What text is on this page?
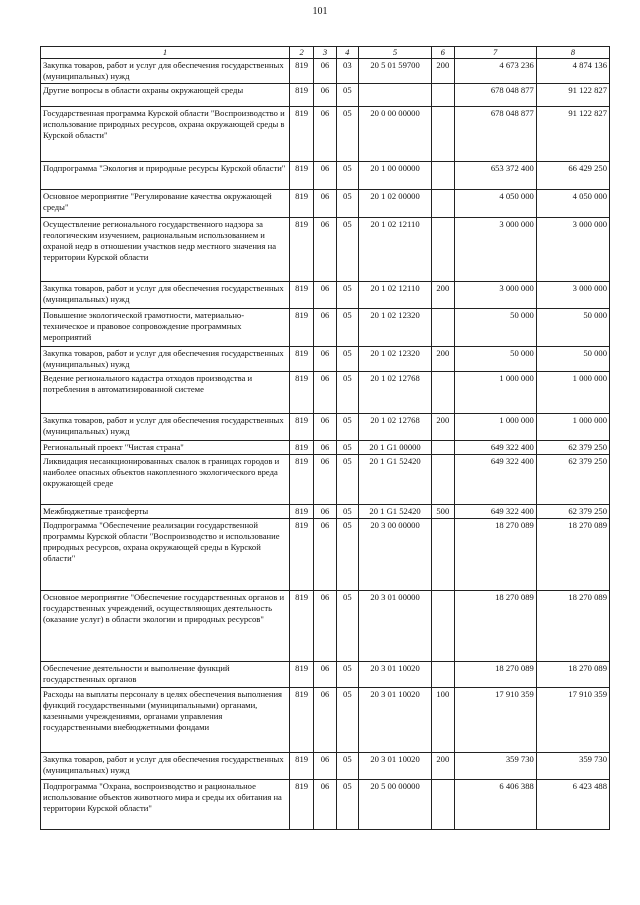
101
1	2	3	4	5	6	7	8
Закупка товаров, работ и услуг для обеспечения государственных (муниципальных) нужд	819	06	03	20 5 01 59700	200	4 673 236	4 874 136
Другие вопросы в области охраны окружающей среды	819	06	05			678 048 877	91 122 827
Государственная программа Курской области "Воспроизводство и использование природных ресурсов, охрана окружающей среды в Курской области"	819	06	05	20 0 00 00000		678 048 877	91 122 827
Подпрограмма "Экология и природные ресурсы Курской области"	819	06	05	20 1 00 00000		653 372 400	66 429 250
Основное мероприятие "Регулирование качества окружающей среды"	819	06	05	20 1 02 00000		4 050 000	4 050 000
Осуществление регионального государственного надзора за геологическим изучением, рациональным использованием и охраной недр в отношении участков недр местного значения на территории Курской области	819	06	05	20 1 02 12110		3 000 000	3 000 000
Закупка товаров, работ и услуг для обеспечения государственных (муниципальных) нужд	819	06	05	20 1 02 12110	200	3 000 000	3 000 000
Повышение экологической грамотности, материально-техническое и правовое сопровождение программных мероприятий	819	06	05	20 1 02 12320		50 000	50 000
Закупка товаров, работ и услуг для обеспечения государственных (муниципальных) нужд	819	06	05	20 1 02 12320	200	50 000	50 000
Ведение регионального кадастра отходов производства и потребления в автоматизированной системе	819	06	05	20 1 02 12768		1 000 000	1 000 000
Закупка товаров, работ и услуг для обеспечения государственных (муниципальных) нужд	819	06	05	20 1 02 12768	200	1 000 000	1 000 000
Региональный проект "Чистая страна"	819	06	05	20 1 G1 00000		649 322 400	62 379 250
Ликвидация несанкционированных свалок в границах городов и наиболее опасных объектов накопленного экологического вреда окружающей среде	819	06	05	20 1 G1 52420		649 322 400	62 379 250
Межбюджетные трансферты	819	06	05	20 1 G1 52420	500	649 322 400	62 379 250
Подпрограмма "Обеспечение реализации государственной программы Курской области "Воспроизводство и использование природных ресурсов, охрана окружающей среды в Курской области"	819	06	05	20 3 00 00000		18 270 089	18 270 089
Основное мероприятие "Обеспечение государственных органов и государственных учреждений, осуществляющих деятельность (оказание услуг) в области экологии и природных ресурсов"	819	06	05	20 3 01 00000		18 270 089	18 270 089
Обеспечение деятельности и выполнение функций государственных органов	819	06	05	20 3 01 10020		18 270 089	18 270 089
Расходы на выплаты персоналу в целях обеспечения выполнения функций государственными (муниципальными) органами, казенными учреждениями, органами управления государственными внебюджетными фондами	819	06	05	20 3 01 10020	100	17 910 359	17 910 359
Закупка товаров, работ и услуг для обеспечения государственных (муниципальных) нужд	819	06	05	20 3 01 10020	200	359 730	359 730
Подпрограмма "Охрана, воспроизводство и рациональное использование объектов животного мира и среды их обитания на территории Курской области"	819	06	05	20 5 00 00000		6 406 388	6 423 488
